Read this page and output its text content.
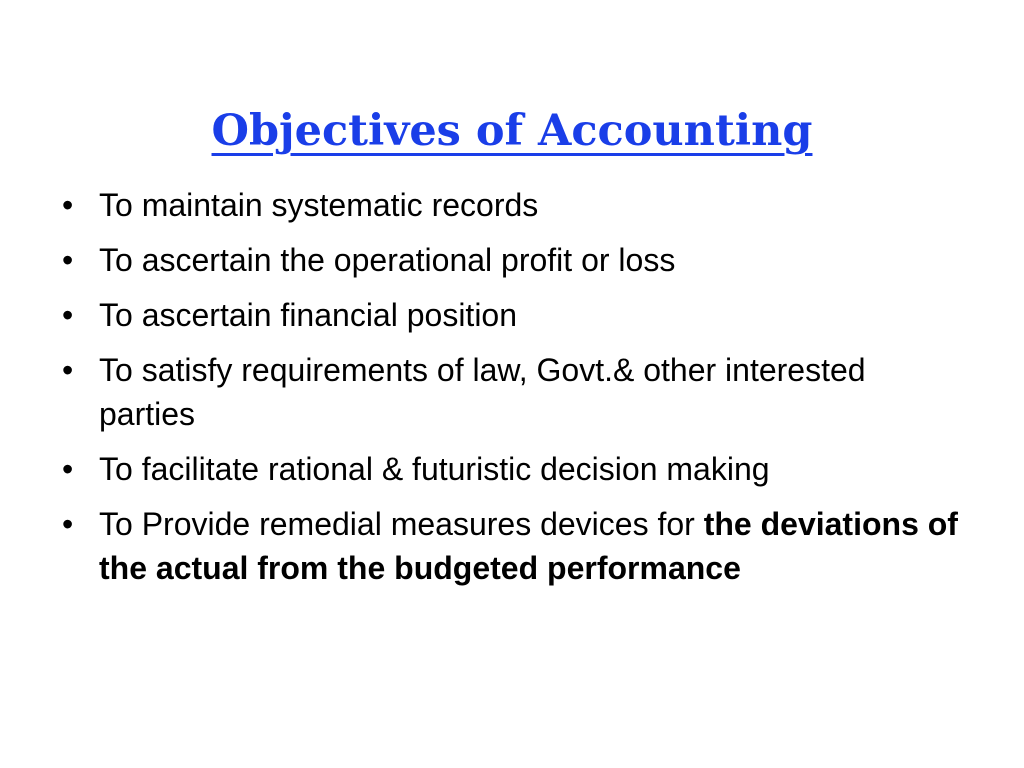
Objectives of Accounting
• To maintain systematic records
• To ascertain the operational profit or loss
• To ascertain financial position
• To satisfy requirements of law, Govt.& other interested parties
• To facilitate rational & futuristic decision making
• To Provide remedial measures devices for the deviations of the actual from the budgeted performance
